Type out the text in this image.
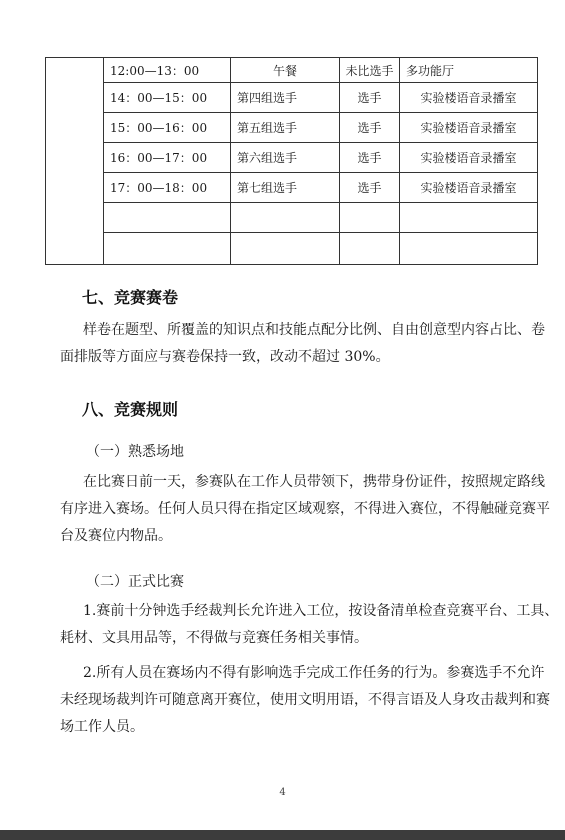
	12:00—13：00	午餐	未比选手	多功能厅
	14：00—15：00	第四组选手	选手	实验楼语音录播室
	15：00—16：00	第五组选手	选手	实验楼语音录播室
	16：00—17：00	第六组选手	选手	实验楼语音录播室
	17：00—18：00	第七组选手	选手	实验楼语音录播室

七、竞赛赛卷
样卷在题型、所覆盖的知识点和技能点配分比例、自由创意型内容占比、卷
面排版等方面应与赛卷保持一致，改动不超过 30%。
八、竞赛规则
（一）熟悉场地
在比赛日前一天，参赛队在工作人员带领下，携带身份证件，按照规定路线
有序进入赛场。任何人员只得在指定区域观察，不得进入赛位，不得触碰竞赛平
台及赛位内物品。
（二）正式比赛
1.赛前十分钟选手经裁判长允许进入工位，按设备清单检查竞赛平台、工具、
耗材、文具用品等，不得做与竞赛任务相关事情。
2.所有人员在赛场内不得有影响选手完成工作任务的行为。参赛选手不允许
未经现场裁判许可随意离开赛位，使用文明用语，不得言语及人身攻击裁判和赛
场工作人员。
4
